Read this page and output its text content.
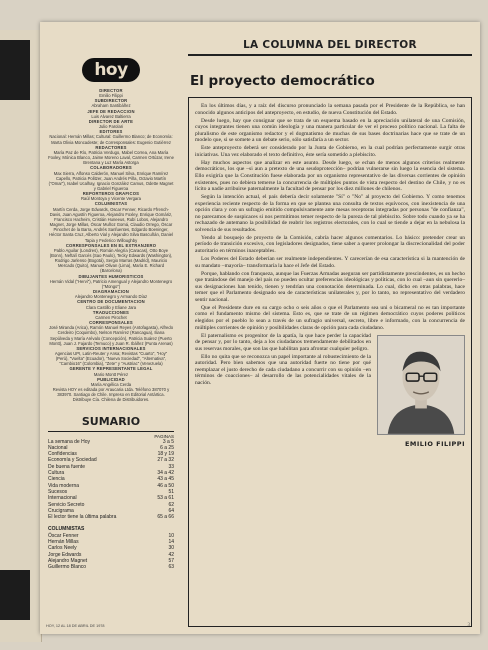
hoy
DIRECTOR
Emilio Filippi
SUBDIRECTOR
Abraham Santibáñez
JEFE DE REDACCION
Luis Alvarez Baltierra
DIRECTOR DE ARTE
Julio Parolari
EDITORES
Nacional: Hernán Millas; Cultural: Guillermo Blanco; de Economía: Marta Olivia Moncadeste; de Corresponsales: Eugenio Gutiérrez
REDACTORES
María Paz de Río, Patricia Verdugo, Mabel Correa, Ana María Foxley, Mónica Blanco, Jaime Moreno Laval, Carmen Ortúzar, Irene Brentana y Luz María Astorga
COLABORADORES
Max Sierra, Alfonso Calderón, Manuel Silva, Enrique Ramírez Capello, Patricia Politzer, Juan Andrés Piña, Octavio Martín ("Omar"), Isabel Ucalhay, Ignacio González Camus, Odette Magnet y Gabriel Figueroa
REPORTEROS GRAFICOS
Raúl Montoya y Vicente Vergara
COLUMNISTAS
Martín Cerda, Jorge Edwards, Oscar Fenner, Ricardo Ffrench-Davis, Juan Agustín Figueroa, Alejandro Foxley, Enrique Gomáriz, Francisco Hacheim, Cristián Huneeus, Rubí Lobos, Alejandro Magnet, Jorge Millas, Óscar Muñoz Gomá, Claudio Orrego, Óscar Pinochet de la Barra, Andrés Sanfuentes, Edgardo Boeninger, Héctor Santa Cruz, Alberto Vial y Alejandro Silva Bascuñán, Daniel Tapia y Federico Willoughby
CORRESPONSALES EN EL EXTRANJERO
Pablo Aguilar (Londres), Román Alegría (Caracas), Otto Boye (Bonn), Neftalí Garcés (Sao Paulo), Tecky Edwards (Washington), Rodrigo Jarlenso (Bogotá), Sergio Marras (Madrid), Mauricio Mercado (Quito), Manuel Olivan (Lima), María E. Richard (Barcelona)
DIBUJANTES HUMORISTICOS
Hernán Vidal ("Hervi"), Patricio Amengual y Alejandro Montenegro ("Mongo")
DIAGRAMACION
Alejandro Montenegro y Armando Díaz
CENTRO DE DOCUMENTACION
Clara Castillo y Eliane Jara
TRADUCCIONES
Carmen Pirochet
CORRESPONSALES
José Miranda (Arica), Ramón Manuel Reyes (Antofagasta), Alfredo Cerdeiro (Coquimbo), Nelson Ramírez (Rancagua), Iliana Sepúlveda y María Arévalo (Concepción), Patricia Suárez (Puerto Montt), Juan J. Fajardo (Temuco) y Juan R. Ibáñez (Punta Arenas)
SERVICIOS INTERNACIONALES
Agencias UPI, Latin-Reuter y Ansa; Revistas "Cuarto", "Hoy" (Perú), "Vuelta" (Ecuador), "Nueva Sociedad", "Alternativa", "Cambio16" (Colombia), "Zete" y "Austriac" (Venezuela)
GERENTE Y REPRESENTANTE LEGAL
Mario Montt Pérez
PUBLICIDAD
María Angélica Cerda
Revista HOY es editada por Araucaria Ltda. Teléfono 387070 y 383970. Santiago de Chile. Impreso en Editorial Antártica. Distribuye Cía. Chilena de Distribuidores.
SUMARIO
PAGINAS
La semana de Hoy	3 a 5
Nacional	6 a 25
Confidencias	18 y 19
Economía y Sociedad	27 a 32
De buena fuente	33
Cultura	34 a 42
Ciencia	43 a 45
Vida moderna	46 a 50
Sucesos	51
Internacional	53 a 61
Servicio Secreto	62
Crucigrama	64
El lector tiene la última palabra	65 a 66
COLUMNISTAS
Óscar Fenner	10
Hernán Millas	14
Carlos Neely	30
Jorge Edwards	42
Alejandro Magnet	57
Guillermo Blanco	63
LA COLUMNA DEL DIRECTOR
El proyecto democrático

En los últimos días, y a raíz del discurso pronunciado la semana pasada por el Presidente de la República, se han conocido algunos anticipos del anteproyecto, en estudio, de nueva Constitución del Estado.

Desde luego, hay que consignar que se trata de un esquema basado en la apreciación unilateral de una Comisión, cuyos integrantes tienen una común ideología y una manera particular de ver el proceso político nacional. La falta de pluralismo de este organismo redactor y el dogmatismo de muchas de sus bases doctrinarias hace que se trate de un modelo que, si se somete a un debate serio, sólo satisfaría a un sector.

Este anteproyecto deberá ser considerado por la Junta de Gobierno, en la cual podrían perfectamente surgir otras iniciativas. Una vez elaborado el texto definitivo, éste sería sometido a plebiscito.

Hay muchos aspectos que analizar en este asunto. Desde luego, se echan de menos algunos criterios realmente democráticos, los que –si aun a pretexto de una seudoprotección– podrían vulnerarse sin luego la esencia del sistema. Ello exigiría que la Constitución fuese elaborada por un organismo representativo de las diversas corrientes de opinión existentes, pues no debiera temerse la concurrencia de múltiples puntos de vista respecto del destino de Chile, y no es lícito a nadie arribuirse paternalmente la facultad de pensar por los diez millones de chilenos.

Según la intención actual, el país debería decir solamente "Sí" o "No" al proyecto del Gobierno. Y como tenemos experiencia reciente respecto de la forma en que se plantea una consulta de textos equívocos, con inexistencia de una opción clara y con un sufragio emitido compulsivamente ante mesas receptoras integradas por personas "de confianza", no parecamos de suspicaces si nos permitimos temer respecto de la pureza de tal plebiscito. Sobre todo cuando ya se ha rechazado de antemano la posibilidad de reabrir los registros electorales, con lo cual se tiende a dejar en la nebulosa la solvencia de sus resultados.

Yendo al bosquejo de proyecto de la Comisión, cabría hacer algunos comentarios. Lo básico: pretender crear un período de transición excesivo, con legisladores designados, tiene saber a querer prolongar la discrecionalidad del poder autoritario en términos inaceptables.

Los Poderes del Estado deberían ser realmente independientes. Y carecerían de esa característica si la mantención de su mandato –mayoría– transformaría la hace el Jefe del Estado.

Porque, hablando con franqueza, aunque las Fuerzas Armadas aseguran ser partidistamente prescindentes, es un hecho que tratándose del manejo del país no pueden ocultar preferencias ideológicas y políticas, con lo cual –aun sin quererlo– sus designaciones han tenido, tienen y tendrían una connotación determinada. Lo cual, dicho en otras palabras, hace temer que el Parlamento designado sea de características unilaterales y, por lo tanto, no representativo del verdadero sentir nacional.

Que el Presidente dure en su cargo ocho o seis años o que el Parlamento sea uni o bicameral no es tan importante como el fundamento mismo del sistema. Esto es, que se trate de un régimen democrático cuyos poderes políticos elegidos por el pueblo lo sean a través de un sufragio universal, secreto, libre e informado, con la concurrencia de múltiples corrientes de opinión y posibilidades claras de opción para cada ciudadano.

El paternalismo es progenitor de la apatía, la que hace perder la capacidad de pensar y, por lo tanto, deja a los ciudadanos tremendamente debilitados en sus reservas morales, que son las que habilitan para afrontar cualquier peligro.

Ello no quita que se reconozca un papel importante al robustecimiento de la autoridad. Pero bien sabemos que una autoridad fuerte no tiene por qué reemplazar el justo derecho de cada ciudadano a concurrir con su opinión –en términos de coacciones– al desarrollo de las potencialidades vitales de la nación.

EMILIO FILIPPI
HOY, 12 AL 18 DE ABRIL DE 1978	3
